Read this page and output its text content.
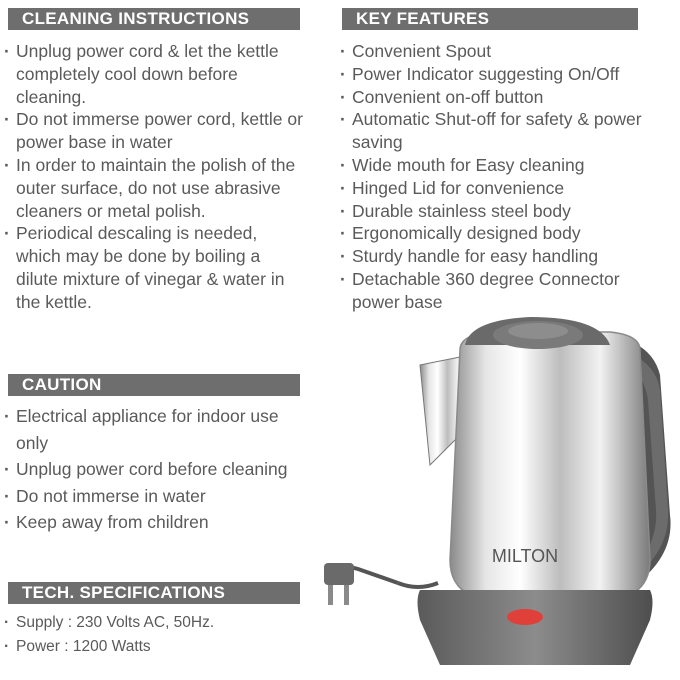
CLEANING INSTRUCTIONS
· Unplug power cord & let the kettle completely cool down before cleaning.
· Do not immerse power cord, kettle or power base in water
· In order to maintain the polish of the outer surface, do not use abrasive cleaners or metal polish.
· Periodical descaling is needed, which may be done by boiling a dilute mixture of vinegar & water in the kettle.
KEY FEATURES
· Convenient Spout
· Power Indicator suggesting On/Off
· Convenient on-off button
· Automatic Shut-off for safety & power saving
· Wide mouth for Easy cleaning
· Hinged Lid for convenience
· Durable stainless steel body
· Ergonomically designed body
· Sturdy handle for easy handling
· Detachable 360 degree Connector power base
CAUTION
· Electrical appliance for indoor use only
· Unplug power cord before cleaning
· Do not immerse in water
· Keep away from children
TECH. SPECIFICATIONS
· Supply : 230 Volts AC, 50Hz.
· Power : 1200 Watts
MILTON
